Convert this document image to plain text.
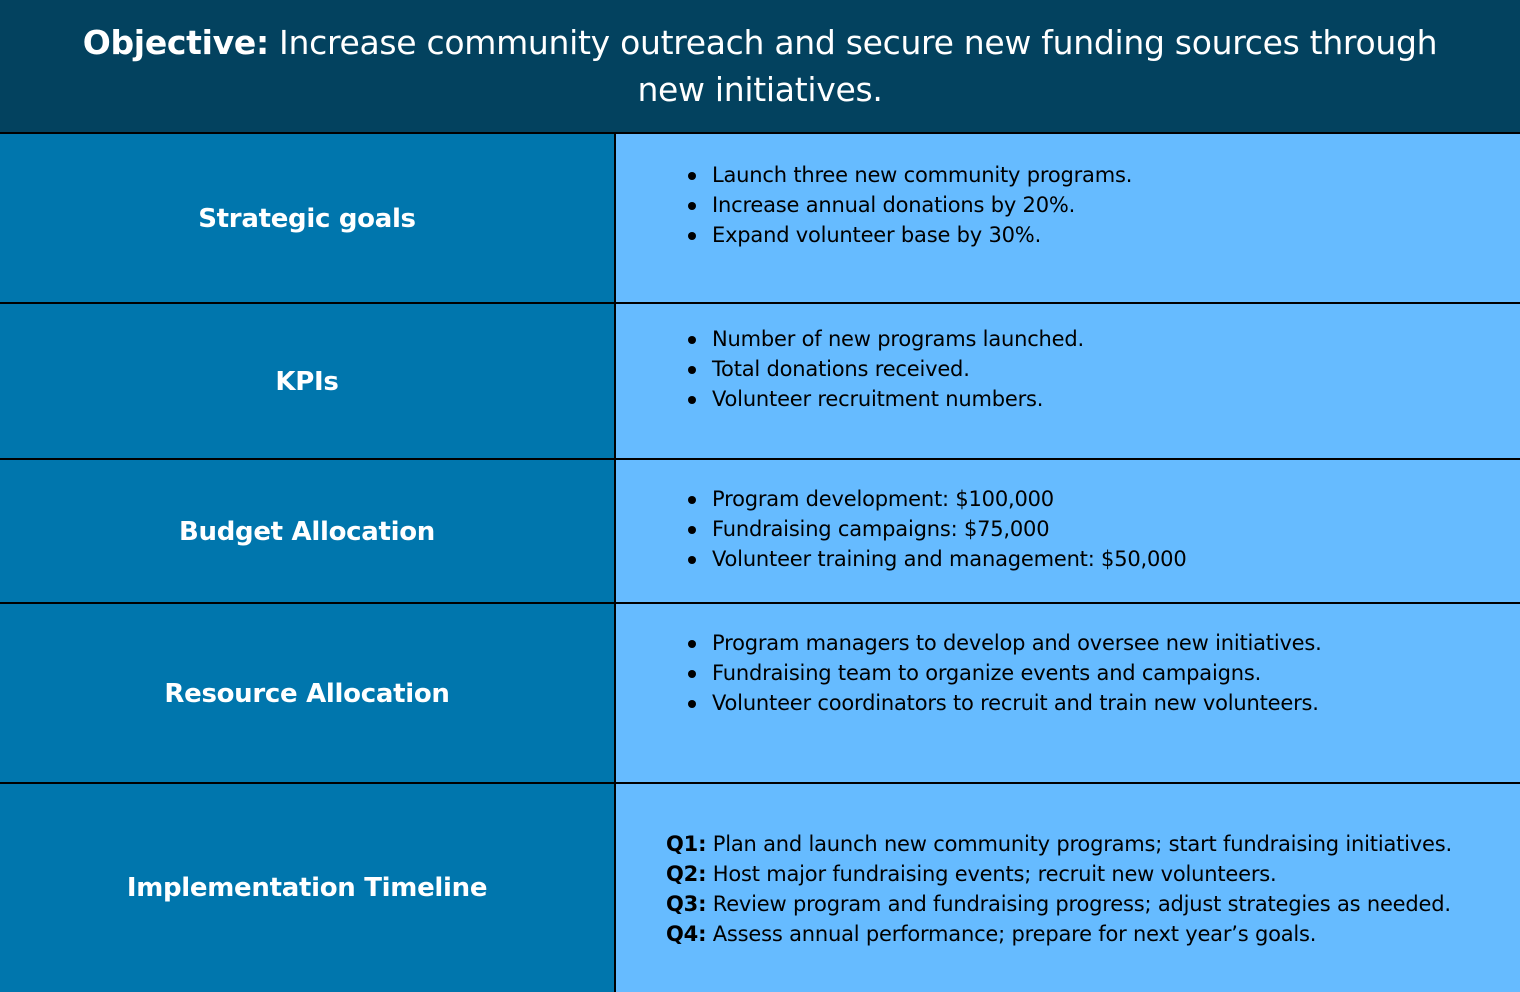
Objective: Increase community outreach and secure new funding sources through new initiatives.
Strategic goals
Launch three new community programs.
Increase annual donations by 20%.
Expand volunteer base by 30%.
KPIs
Number of new programs launched.
Total donations received.
Volunteer recruitment numbers.
Budget Allocation
Program development: $100,000
Fundraising campaigns: $75,000
Volunteer training and management: $50,000
Resource Allocation
Program managers to develop and oversee new initiatives.
Fundraising team to organize events and campaigns.
Volunteer coordinators to recruit and train new volunteers.
Implementation Timeline
Q1: Plan and launch new community programs; start fundraising initiatives.
Q2: Host major fundraising events; recruit new volunteers.
Q3: Review program and fundraising progress; adjust strategies as needed.
Q4: Assess annual performance; prepare for next year’s goals.
